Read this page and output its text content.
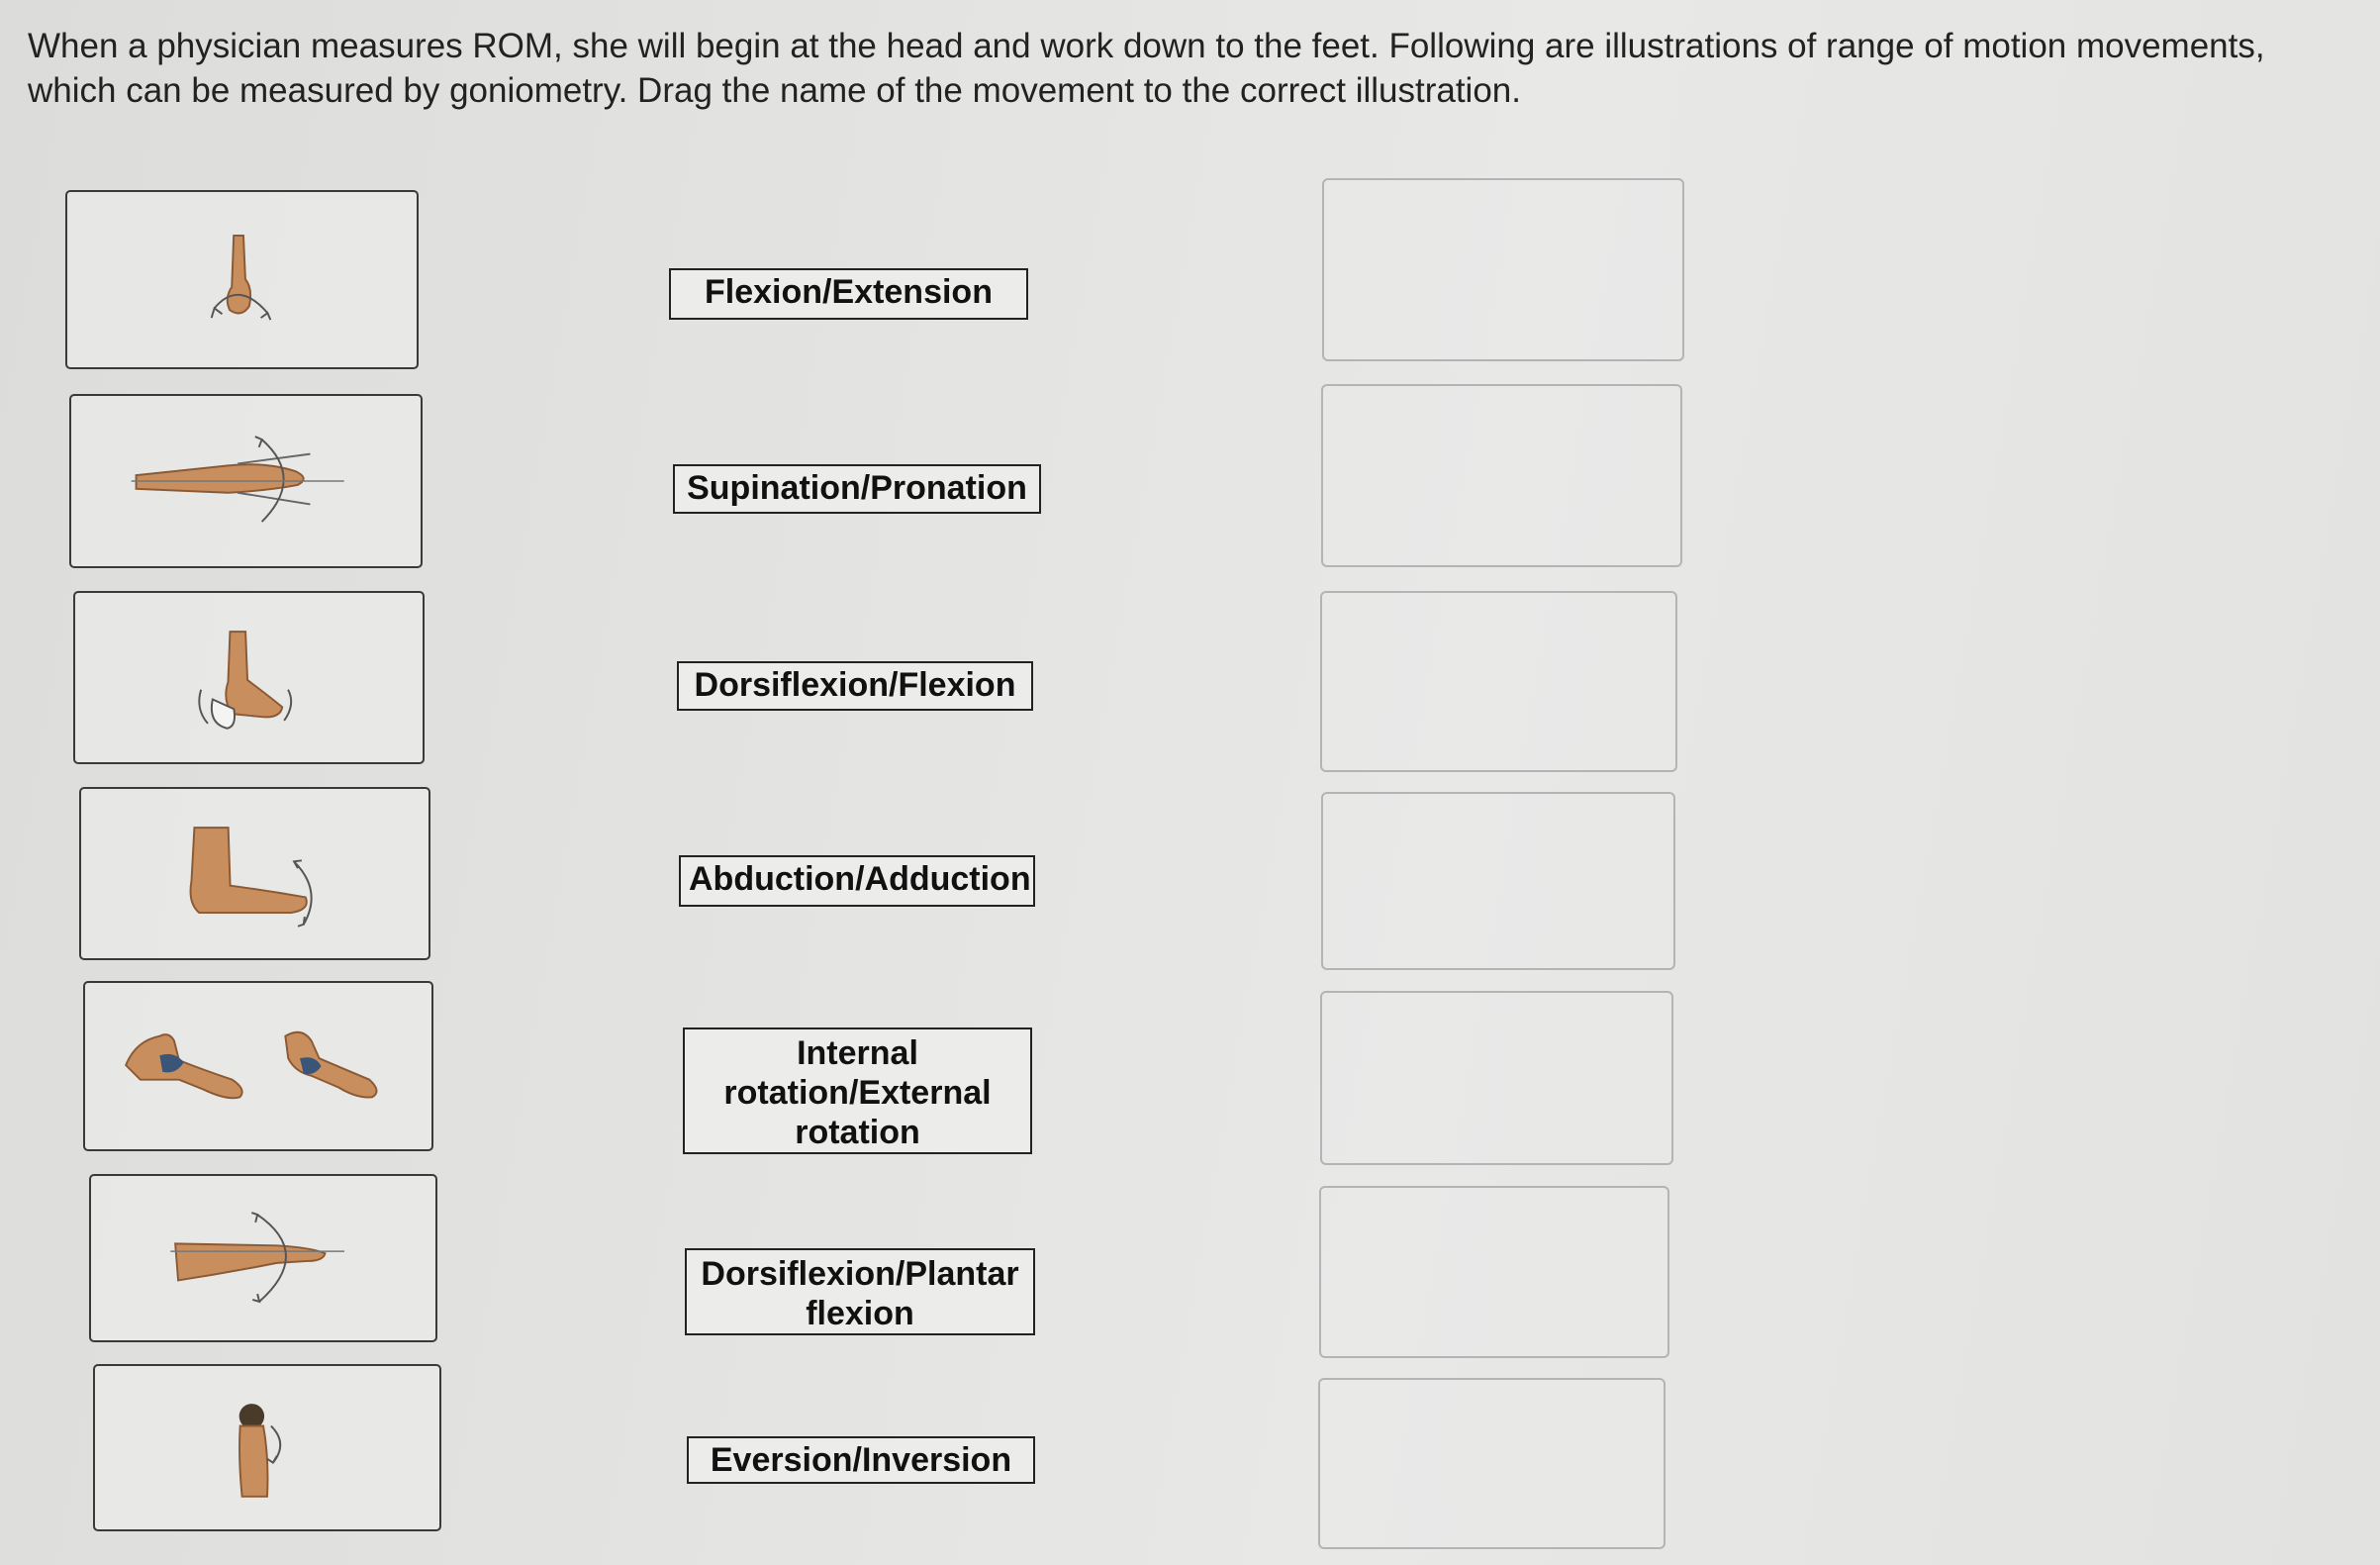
When a physician measures ROM, she will begin at the head and work down to the feet. Following are illustrations of range of motion movements, which can be measured by goniometry. Drag the name of the movement to the correct illustration.
Flexion/Extension
Supination/Pronation
Dorsiflexion/Flexion
Abduction/Adduction
Internal
rotation/External
rotation
Dorsiflexion/Plantar
flexion
Eversion/Inversion
